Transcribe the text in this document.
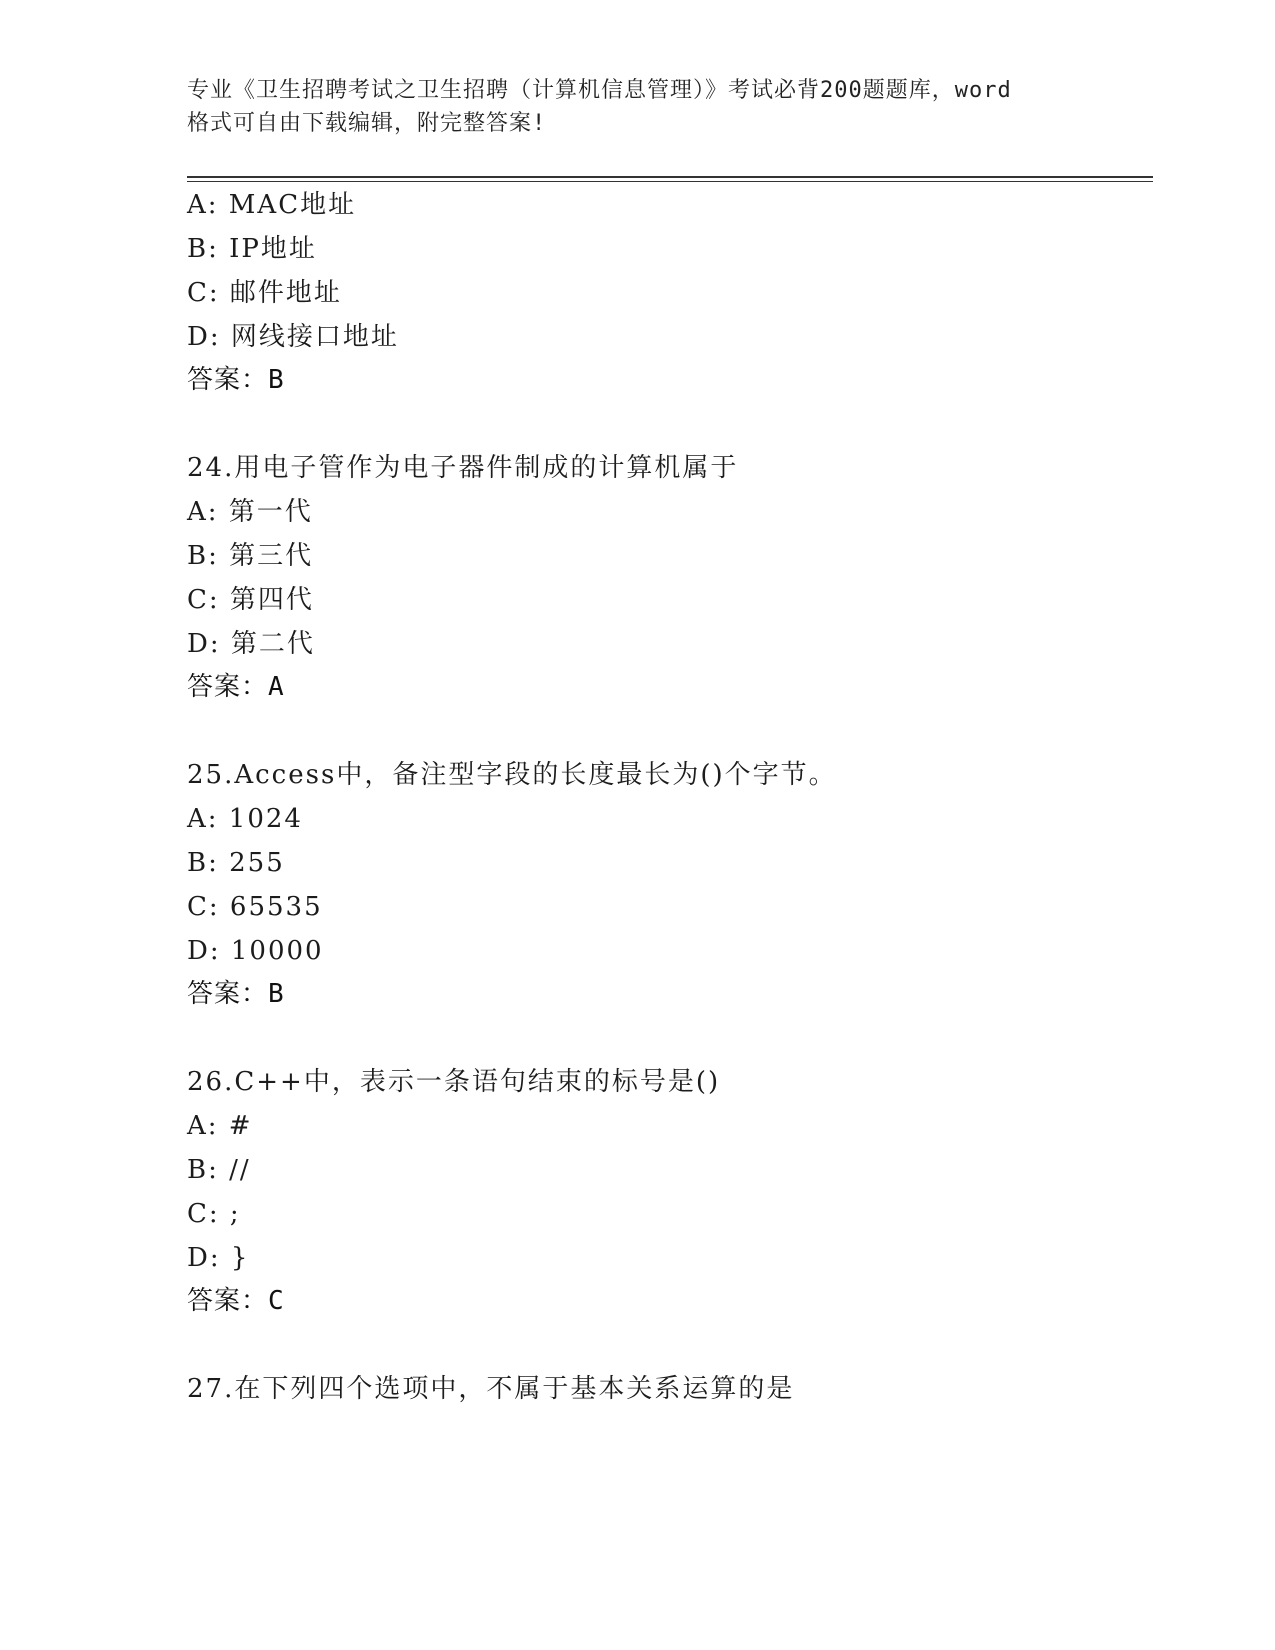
专业《卫生招聘考试之卫生招聘（计算机信息管理）》考试必背200题题库，word
格式可自由下载编辑，附完整答案!
A: MAC地址
B: IP地址
C: 邮件地址
D: 网线接口地址
答案：B
24.用电子管作为电子器件制成的计算机属于
A: 第一代
B: 第三代
C: 第四代
D: 第二代
答案：A
25.Access中，备注型字段的长度最长为()个字节。
A: 1024
B: 255
C: 65535
D: 10000
答案：B
26.C++中，表示一条语句结束的标号是()
A: #
B: //
C: ;
D: }
答案：C
27.在下列四个选项中，不属于基本关系运算的是
